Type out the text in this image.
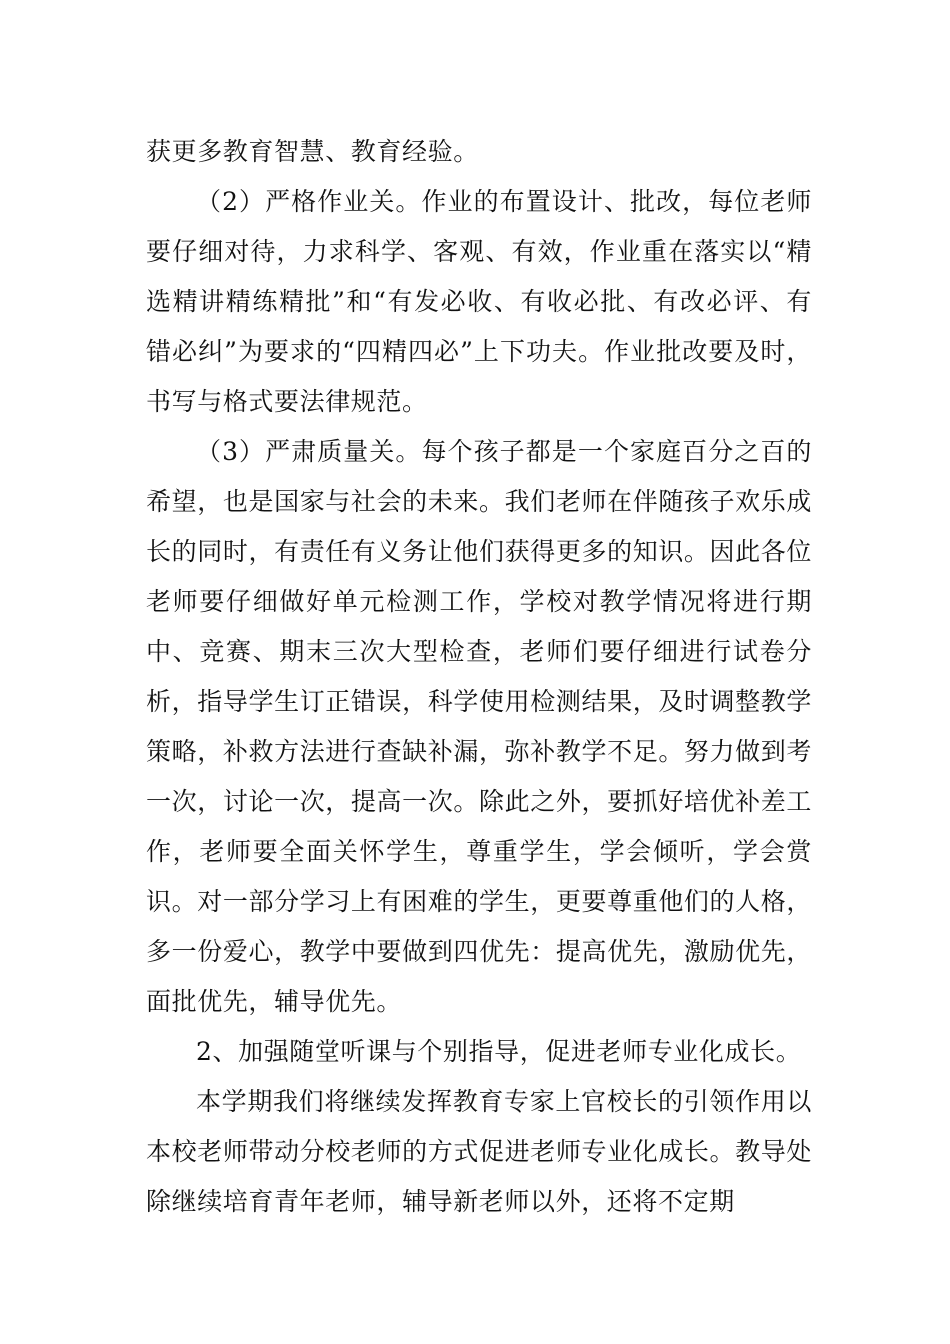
获更多教育智慧、教育经验。

（2）严格作业关。作业的布置设计、批改，每位老师要仔细对待，力求科学、客观、有效，作业重在落实以“精选精讲精练精批”和“有发必收、有收必批、有改必评、有错必纠”为要求的“四精四必”上下功夫。作业批改要及时，书写与格式要法律规范。

（3）严肃质量关。每个孩子都是一个家庭百分之百的希望，也是国家与社会的未来。我们老师在伴随孩子欢乐成长的同时，有责任有义务让他们获得更多的知识。因此各位老师要仔细做好单元检测工作，学校对教学情况将进行期中、竞赛、期末三次大型检查，老师们要仔细进行试卷分析，指导学生订正错误，科学使用检测结果，及时调整教学策略，补救方法进行查缺补漏，弥补教学不足。努力做到考一次，讨论一次，提高一次。除此之外，要抓好培优补差工作，老师要全面关怀学生，尊重学生，学会倾听，学会赏识。对一部分学习上有困难的学生，更要尊重他们的人格，多一份爱心，教学中要做到四优先：提高优先，激励优先，面批优先，辅导优先。

2、加强随堂听课与个别指导，促进老师专业化成长。

本学期我们将继续发挥教育专家上官校长的引领作用以本校老师带动分校老师的方式促进老师专业化成长。教导处除继续培育青年老师，辅导新老师以外，还将不定期
